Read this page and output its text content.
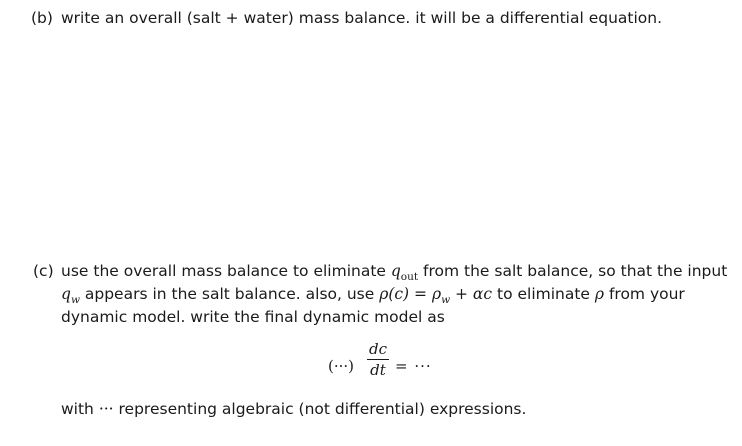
(b) write an overall (salt + water) mass balance. it will be a differential equation.
(c) use the overall mass balance to eliminate $q_{out}$ from the salt balance, so that the input
$q_w$ appears in the salt balance. also, use $\rho(c) = \rho_w + \alpha c$ to eliminate ρ from your
dynamic model. write the final dynamic model as
(···)
dc
dt = ···
with ··· representing algebraic (not differential) expressions.
